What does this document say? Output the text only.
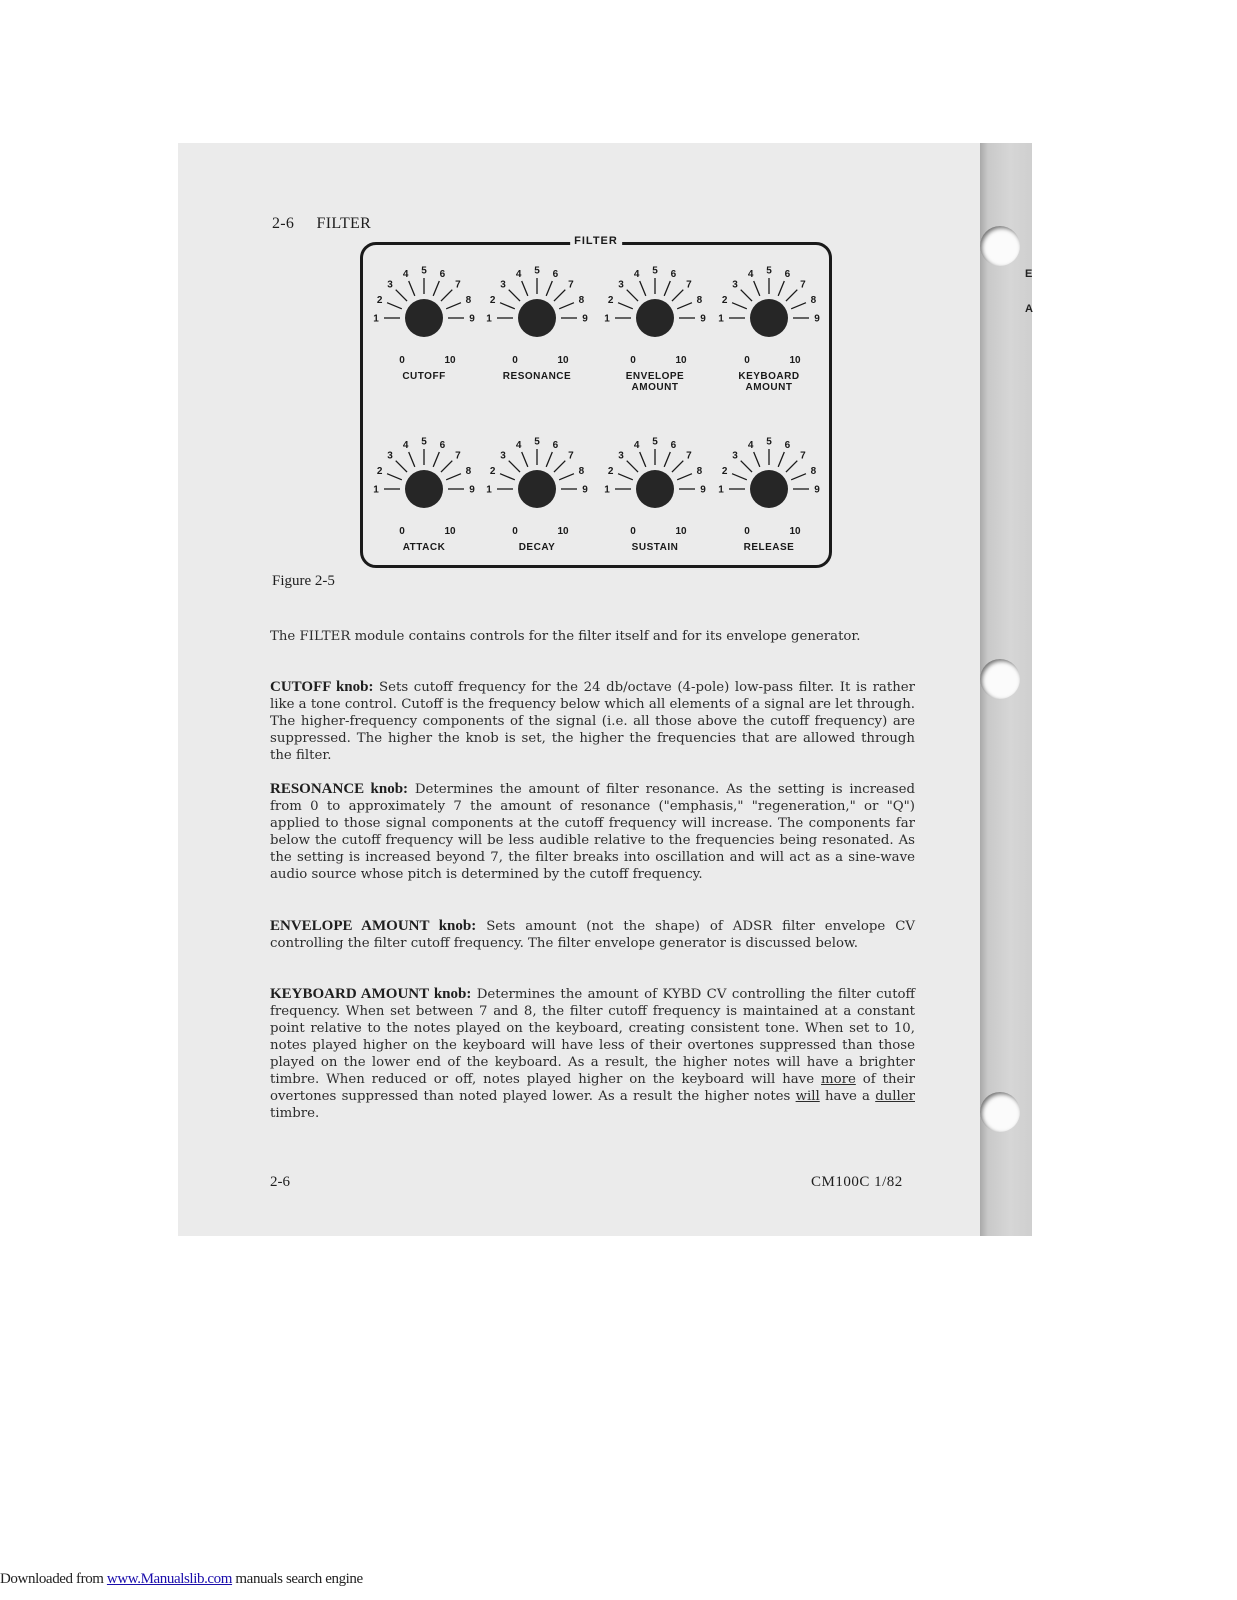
E
A
2-6 FILTER
FILTER
1
2
3
4 5 6
7
8
9
0	10
CUTOFF
1
2
3
4 5 6
7
8
9
0	10
RESONANCE
1
2
3
4 5 6
7
8
9
0	10
ENVELOPE
AMOUNT
1
2
3
4 5 6
7
8
9
0	10
KEYBOARD
AMOUNT
1
2
3
4 5 6
7
8
9
0	10
ATTACK
1
2
3
4 5 6
7
8
9
0	10
DECAY
1
2
3
4 5 6
7
8
9
0	10
SUSTAIN
1
2
3
4 5 6
7
8
9
0	10
RELEASE
Figure 2-5

The FILTER module contains controls for the filter itself and for its envelope generator.

CUTOFF knob: Sets cutoff frequency for the 24 db/octave (4-pole) low-pass filter. It is rather like a tone control. Cutoff is the frequency below which all elements of a signal are let through. The higher-frequency components of the signal (i.e. all those above the cutoff frequency) are suppressed. The higher the knob is set, the higher the frequencies that are allowed through the filter.

RESONANCE knob: Determines the amount of filter resonance. As the setting is increased from 0 to approximately 7 the amount of resonance ("emphasis," "regeneration," or "Q") applied to those signal components at the cutoff frequency will increase. The components far below the cutoff frequency will be less audible relative to the frequencies being resonated. As the setting is increased beyond 7, the filter breaks into oscillation and will act as a sine-wave audio source whose pitch is determined by the cutoff frequency.

ENVELOPE AMOUNT knob: Sets amount (not the shape) of ADSR filter envelope CV controlling the filter cutoff frequency. The filter envelope generator is discussed below.

KEYBOARD AMOUNT knob: Determines the amount of KYBD CV controlling the filter cutoff frequency. When set between 7 and 8, the filter cutoff frequency is maintained at a constant point relative to the notes played on the keyboard, creating consistent tone. When set to 10, notes played higher on the keyboard will have less of their overtones suppressed than those played on the lower end of the keyboard. As a result, the higher notes will have a brighter timbre. When reduced or off, notes played higher on the keyboard will have more of their overtones suppressed than noted played lower. As a result the higher notes will have a duller timbre.

2-6	CM100C 1/82
Downloaded from www.Manualslib.com manuals search engine
